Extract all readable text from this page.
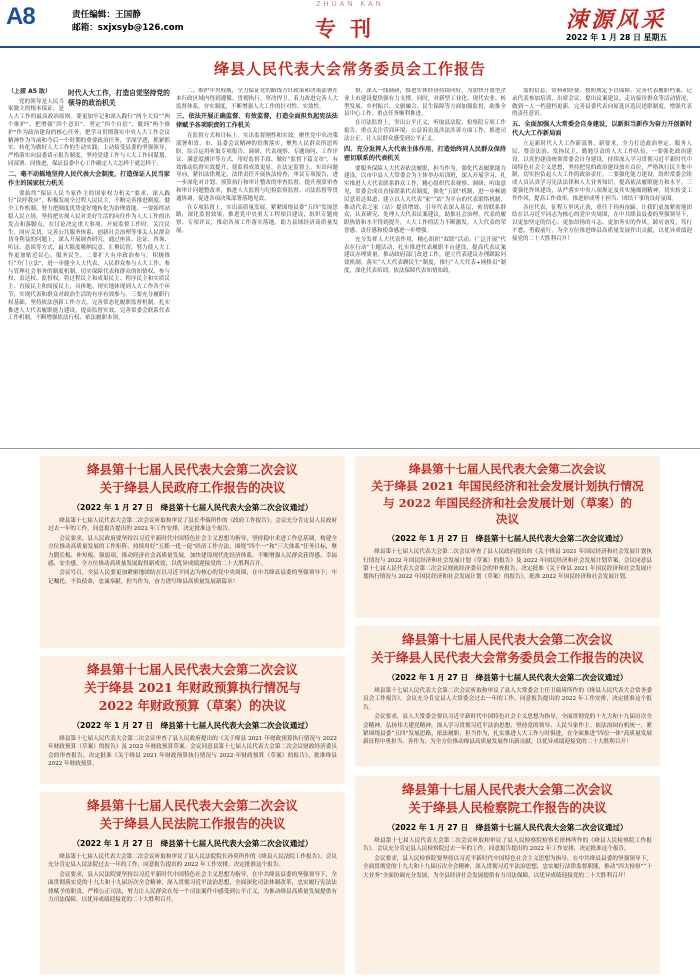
A8	责任编辑：王国静
邮箱：sxjxsyb@126.com
ZHUAN KAN
专刊	涑源风采
2022 年 1 月 28 日 星期五
绛县人民代表大会常务委员会工作报告
时代人大工作，打造自觉坚持党的领导的政治机关
（上接 A5 版）

党的领导是人民当家做主的根本保证，是人大工作的最高政治原则。要更加牢记和深入践行“两个大局”“两个维护”，把增强“四个意识”、坚定“四个自信”、做到“两个维护”作为政治建设的核心任务，把学习贯彻落实中央人大工作会议精神作为当前和今后一个时期的重要政治任务，学深学透，抓紧抓实，转化为做好人大工作的生动实践；主动接受县委的坚强领导，严格落实向县委请示报告制度，坚持党建工作与人大工作同谋划、同部署、同推进，保证县委中心工作确定人大怎样干就怎样干。

二、毫不动摇地坚持人民代表大会制度，打造保证人民当家作主的国家权力机关

要始终“保证人民当家作主的国家权力机关”要求，深入践行“民呼我应”，积极发展全过程人民民主，不断完善推进制度、健全工作机制、努力把制度优势更好地转化为治理效能。一要始终站稳人民立场，坚持把实现人民对美好生活的向往作为人大工作的出发点和落脚点，在讨论决定重大事项、开展监督工作时，关注民生，回应关切，完善公共服务体系，创新社会治理等事关人民群众切身利益的问题上，深入开展调查研究，通过座谈、论证、咨询、听证、恳谈等方式，最大限度吸纳民意、汇聚民智，努力使人大工作更加贴近民心、服务民生。二要扩大有序政治参与。积极推行“开门立法”，进一步健全人大代表、人民群众参与人大工作、参与管理社会事务的制度机制，切实保障代表和群众的知情权、参与权、表达权、监督权，将过程民主和成果民主、程序民主和实质民主、直接民主和间接民主，具体地、现实地体现到人大工作各个环节，实现代表和群众对政治生活的有序有效参与。三要充分履职行权基础。坚持依法创新工作方式，完善常态化履职监督机制，扎实推进人大代表履职能力建设，提高监督实效，完善常委会联系代表工作机制，不断增强依法行权、依法履职本领。

二、维护中央权威，全力保证党的路线方针政策和决策部署在本行政区域内得到遵循、贯彻执行、坚决捍卫。着力改进完善人大监督体系，夯实制度，不断增强人大工作的针对性、实效性。

三、依法开展正确监督、有效监督，打造全面担负起宪法法律赋予各项职责的工作机关

在监督方式和目标上，实出监督刚性和实效。聚焦党中央决策部署和省、市、县委会议精神的贯彻落实，聚焦人民群众所思所盼，综合运用听取专项报告、调研、代表视察、专题询问、工作评议、满意度测评等方式，用好监督手段、做好“监督下篇文章”，有效推动监督实效提升，使监督成效更显。在法定监督上，实出问题导向。紧扣法律规定，法律责任开展执法检查，审议专项报告，进一步深化对计划、预算执行和审计整改的审查监督，提升预算审查和审计问题整改率，推进人大监督与纪检监察监督、司法监督等贯通协调，促进各项决策部署落地见效。

在专项监督上，实出高质量发展。紧紧围绕县委“五四”发展思路，深化监督效果，推进党中央重大工程项目建设，组织专题视察、专项评议，推动各项工作落实落地，助力县域经济高质量发展。

察，深入一线调研，推进实体经济持续向好，为加快开放型企业上市建设提供强有力支撑。同时，对新型工业化、现代农业、转型发展、乡村振兴、文旅融合、民生保障等方面加强监督，助推全县中心工作、重点任务顺利推进。

在司法监督上，突出公平正义，听取县法院、检察院专项工作报告，重点关注营商环境、公益诉讼及涉法涉诉方面工作，推进司法公正，让人民群众感受到公平正义。

四、充分发挥人大代表主体作用，打造始终同人民群众保持密切联系的代表机关

要服务保障人大代表依法履职，担当作为。强化代表履职能力建设，以市中县人大常委会为主体举办培训班，深入开展学习，扎实推进人大代表联系群众工作，精心组织代表视察、调研、听取意见，常委会成员直接联系代表制度，强化“五联”机制，进一步畅通民意表达渠道；建立以人大代表“家”“站”为平台的代表联络机制，推动代表之家（站）提质增效，引导代表深入基层，密切联系群众，认真研究、处理人大代表议案建议，助推社会治理，代表的履职热情和水平得到提升，人大工作的活力不断激发，人大代表的荣誉感、责任感和使命感进一步增强。

充分发挥人大代表作用，精心组织“双联”活动，广泛开展“代表在行动”主题活动，扎实推进代表履职平台建设，提高代表议案建议办理质量，推动政府部门改进工作，建立代表建议办理跟踪问效机制，落实“人大代表聊民生”制度，推行“人大代表+网格员”制度，深化代表培训，依法保障代表知情知政。

需的信息、资料和经费，按照规定予以保障。完善代表履职档案、记录代表参加培训、出席会议、提出议案建议、走访接待群众等活动情况，做到一人一档建档更新。完善县委代表向原选区选民述职制度，增强代表的责任意识。

五、全面加强人大常委会自身建设，以新担当新作为奋力开创新时代人大工作新局面

立足新时代人大工作新部署、新要求，全力打造政治坚定、服务人民、尊崇法治、发扬民主、勤勉尽责的人大工作队伍。一要强化政治建设，以党的建设统领常委会自身建设，持续深入学习贯彻习近平新时代中国特色社会主义思想，坚持把党的政治建设放在首位，严格执行民主集中制，切实担负起人大工作的政治责任。二要强化能力建设，组织常委会组成人员认真学习宪法法律和人大业务知识，提高依法履职能力和水平。三要强化作风建设，从严落实中央八项规定及其实施细则精神，切实转变工作作风，提高工作效率，推进形成勇于担当、团结干事的良好氛围。

各位代表，征程万里风正劲，重任千钧再奋蹄。让我们更加紧密地团结在以习近平同志为核心的党中央周围，在中共绛县县委的坚强领导下，以更加坚定的信心、更加昂扬的斗志、更加务实的作风，踔厉奋发，笃行不怠，勇毅前行，为全方位推进绛县高质量发展作出贡献，以优异成绩迎接党的二十大胜利召开！

绛县第十七届人民代表大会第二次会议
关于绛县人民政府工作报告的决议
（2022 年 1 月 27 日　绛县第十七届人民代表大会第二次会议通过）

绛县第十七届人民代表大会第二次会议听取和审议了县长李瑞所作的《政府工作报告》。会议充分肯定县人民政府过去一年的工作，同意报告提出的 2022 年工作安排，决定批准这个报告。

会议要求，县人民政府要坚持以习近平新时代中国特色社会主义思想为指导，坚持稳中求进工作总基调，构建全方位推动高质量发展的工作矩阵，持续用好“五抓一优一促”经济工作方法，围绕“四个一”和“三大体系”任务目标，聚力锻长板、补短板、强弱项，推动经济社会高质量发展，加快建设现代化经济体系，不断增强人民群众获得感、幸福感、安全感，全方位推动高质量发展取得新成效，以优异成绩迎接党的二十大胜利召开。

会议号召，全县人民要更加紧密地团结在以习近平同志为核心的党中央周围，在中共绛县县委的坚强领导下，牢记嘱托、不负使命，忠诚奉献、担当作为，奋力谱写绛县高质量发展新篇章！

绛县第十七届人民代表大会第二次会议
关于绛县 2021 年国民经济和社会发展计划执行情况
与 2022 年国民经济和社会发展计划（草案）的
决议
（2022 年 1 月 27 日　绛县第十七届人民代表大会第二次会议通过）

绛县第十七届人民代表大会第二次会议审查了县人民政府提出的《关于绛县 2021 年国民经济和社会发展计划执行情况与 2022 年国民经济和社会发展计划（草案）的报告》及 2022 年国民经济和社会发展计划草案。会议同意县第十七届人民代表大会第二次会议财政经济委员会的审查报告，决定批准《关于绛县 2021 年国民经济和社会发展计划执行情况与 2022 年国民经济和社会发展计划（草案）的报告》，批准 2022 年国民经济和社会发展计划。

绛县第十七届人民代表大会第二次会议
关于绛县 2021 年财政预算执行情况与
2022 年财政预算（草案）的决议
（2022 年 1 月 27 日　绛县第十七届人民代表大会第二次会议通过）

绛县第十七届人民代表大会第二次会议审查了县人民政府提出的《关于绛县 2021 年财政预算执行情况与 2022 年财政预算（草案）的报告》及 2022 年财政预算草案。会议同意县第十七届人民代表大会第二次会议财政经济委员会的审查报告，决定批准《关于绛县 2021 年财政预算执行情况与 2022 年财政预算（草案）的报告》，批准绛县 2022 年财政预算。

绛县第十七届人民代表大会第二次会议
关于绛县人民代表大会常务委员会工作报告的决议
（2022 年 1 月 27 日　绛县第十七届人民代表大会第二次会议通过）

绛县第十七届人民代表大会第二次会议听取和审议了县人大常委会主任卫瑞琦所作的《绛县人民代表大会常务委员会工作报告》。会议充分肯定县人大常委会过去一年的工作，同意报告提出的 2022 年工作安排，决定批准这个报告。

会议要求，县人大常委会要以习近平新时代中国特色社会主义思想为指导，全面贯彻党的十九大和十九届历次全会精神，弘扬伟大建党精神，深入学习贯彻习近平法治思想，坚持党的领导、人民当家作主、依法治国有机统一，紧紧围绕县委“五四”发展思路，依法履职、担当作为，扎实推进人大工作与时俱进，在全面推进“四位一体”高质量发展新征程中勇担当、善作为，为全方位推动绛县高质量发展作出新贡献，以优异成绩迎接党的二十大胜利召开！

绛县第十七届人民代表大会第二次会议
关于绛县人民法院工作报告的决议
（2022 年 1 月 27 日　绛县第十七届人民代表大会第二次会议通过）

绛县第十七届人民代表大会第二次会议听取和审议了县人民法院院长孙英所作的《绛县人民法院工作报告》。会议充分肯定县人民法院过去一年的工作，同意报告提出的 2022 年工作安排，决定批准这个报告。

会议要求，县人民法院要坚持以习近平新时代中国特色社会主义思想为指导，在中共绛县县委的坚强领导下，全面贯彻落实党的十九大和十九届历次全会精神，深入贯彻习近平法治思想，全面深化司法体制改革，忠实履行宪法法律赋予的职责，严格公正司法，努力让人民群众在每一个司法案件中感受到公平正义，为推动绛县高质量发展提供有力司法保障，以优异成绩迎接党的二十大胜利召开。

绛县第十七届人民代表大会第二次会议
关于绛县人民检察院工作报告的决议
（2022 年 1 月 27 日　绛县第十七届人民代表大会第二次会议通过）

绛县第十七届人民代表大会第二次会议听取和审议了县人民检察院检察长徐林所作的《绛县人民检察院工作报告》。会议充分肯定县人民检察院过去一年的工作，同意报告提出的 2022 年工作安排，决定批准这个报告。

会议要求，县人民检察院要坚持以习近平新时代中国特色社会主义思想为指导，在中共绛县县委的坚强领导下，全面贯彻党的十九大和十九届历次全会精神，深入贯彻习近平法治思想，忠实履行法律监督职能，推动“四大检察”“十大业务”全面协调充分发展，为全县经济社会发展提供有力司法保障，以优异成绩迎接党的二十大胜利召开！
